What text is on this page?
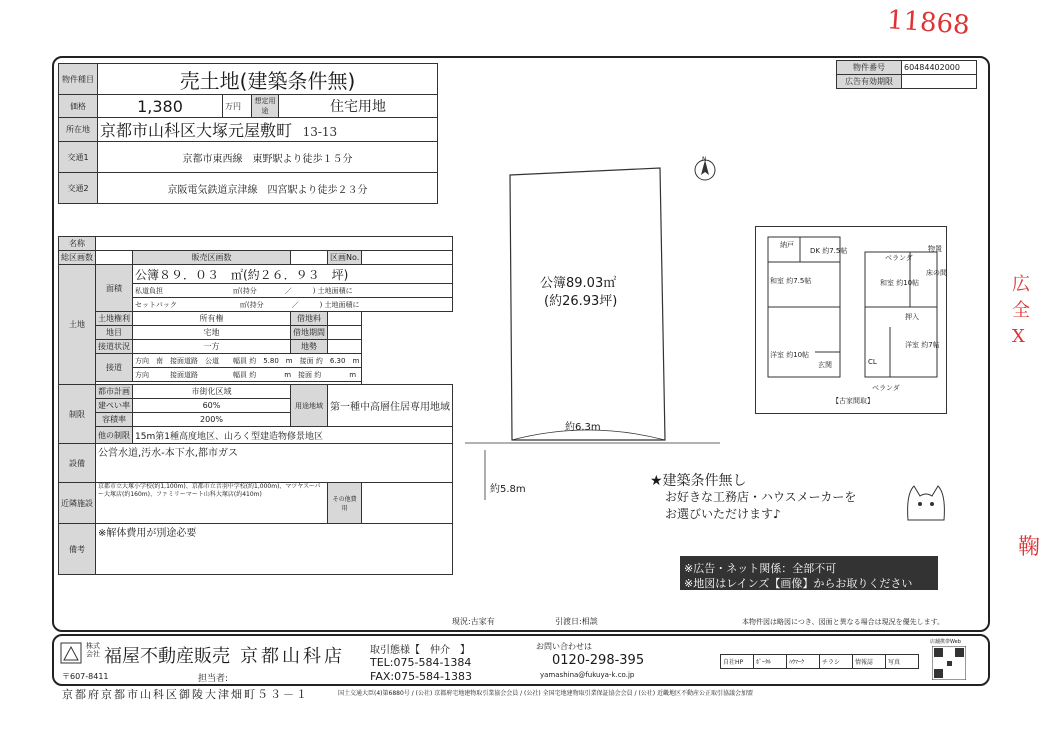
11868
広 全X
鞠
物件番号	60484402000
広告有効期限	
物件種目	売土地(建築条件無)			
価格	1,380	万円	想定用途	住宅用地
所在地	京都市山科区大塚元屋敷町 13-13			
交通1	京都市東西線　東野駅より徒歩１５分			
交通2	京阪電気鉄道京津線　四宮駅より徒歩２３分			
名称					
総区画数		販売区画数		区画No.	
土地	面積	公簿８９．０３　㎡(約２６．９３　坪)			
		私道負担　　　　　　　　　　㎡(持分　　　　／　　　) 土地面積に			
		セットバック　　　　　　　　　㎡(持分　　　　／　　　) 土地面積に			
	土地権利	所有権	借地料		
	地目	宅地	借地期間		
	接道状況	一方	地勢		
	接道	方向　南　接面道路　公道　　幅員 約　5.80　m　接面 約　6.30　m			
		方向　　　接面道路　　　　　幅員 約　　　　m　接面 約　　　　m			

制限	都市計画	市街化区域	用途地域	第一種中高層住居専用地域	
	建ぺい率	60%			
	容積率	200%			
	他の制限	15m第1種高度地区、山ろく型建造物修景地区			
設備	公営水道,汚水-本下水,都市ガス				
近隣施設	京都市立大塚小学校(約1,100m)、京都市立音羽中学校(約1,000m)、マツヤスーパー大塚店(約160m)、ファミリーマート山科大塚店(約410m)			その他費用	
備考	※解体費用が別途必要				
現況:古家有	引渡日:相談
N
公簿89.03㎡
(約26.93坪)
約6.3m
約5.8m
DK 約7.5帖
和室 約7.5帖
洋室 約10帖
玄関
和室 約10帖
洋室 約7帖
ベランダ
物置
押入
床の間
CL
ベランダ
納戸
【古家間取】
★建築条件無し
お好きな工務店・ハウスメーカーを
お選びいただけます♪
※広告・ネット関係：全部不可
※地図はレインズ【画像】からお取りください
本物件図は略図につき、図面と異なる場合は現況を優先します。
株式会社 福屋不動産販売 京都山科店
〒607-8411	担当者:
取引態様【　仲介　】	お問い合わせは
TEL:075-584-1384	0120-298-395
FAX:075-584-1383	yamashina@fukuya-k.co.jp
自社HP	ﾎﾟｰﾀﾙ	ﾊｳﾏｰｸ	チラシ	情報誌	写真
店舗携帯Web
京都府京都市山科区御陵大津畑町５３－１	国土交通大臣(4)第6880号 / (公社) 京都府宅地建物取引業協会会員 / (公社) 全国宅地建物取引業保証協会会員 / (公社) 近畿地区不動産公正取引協議会加盟
